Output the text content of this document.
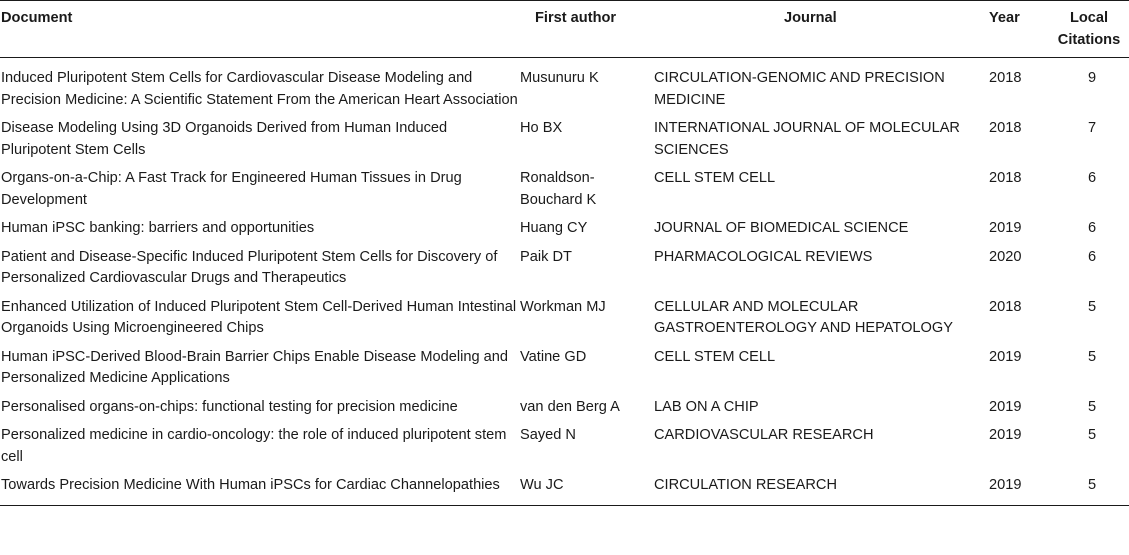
Document	First author	Journal	Year	Local Citations
Induced Pluripotent Stem Cells for Cardiovascular Disease Modeling and Precision Medicine: A Scientific Statement From the American Heart Association	Musunuru K	CIRCULATION-GENOMIC AND PRECISION MEDICINE	2018	9
Disease Modeling Using 3D Organoids Derived from Human Induced Pluripotent Stem Cells	Ho BX	INTERNATIONAL JOURNAL OF MOLECULAR SCIENCES	2018	7
Organs-on-a-Chip: A Fast Track for Engineered Human Tissues in Drug Development	Ronaldson-Bouchard K	CELL STEM CELL	2018	6
Human iPSC banking: barriers and opportunities	Huang CY	JOURNAL OF BIOMEDICAL SCIENCE	2019	6
Patient and Disease-Specific Induced Pluripotent Stem Cells for Discovery of Personalized Cardiovascular Drugs and Therapeutics	Paik DT	PHARMACOLOGICAL REVIEWS	2020	6
Enhanced Utilization of Induced Pluripotent Stem Cell-Derived Human Intestinal Organoids Using Microengineered Chips	Workman MJ	CELLULAR AND MOLECULAR GASTROENTEROLOGY AND HEPATOLOGY	2018	5
Human iPSC-Derived Blood-Brain Barrier Chips Enable Disease Modeling and Personalized Medicine Applications	Vatine GD	CELL STEM CELL	2019	5
Personalised organs-on-chips: functional testing for precision medicine	van den Berg A	LAB ON A CHIP	2019	5
Personalized medicine in cardio-oncology: the role of induced pluripotent stem cell	Sayed N	CARDIOVASCULAR RESEARCH	2019	5
Towards Precision Medicine With Human iPSCs for Cardiac Channelopathies	Wu JC	CIRCULATION RESEARCH	2019	5
